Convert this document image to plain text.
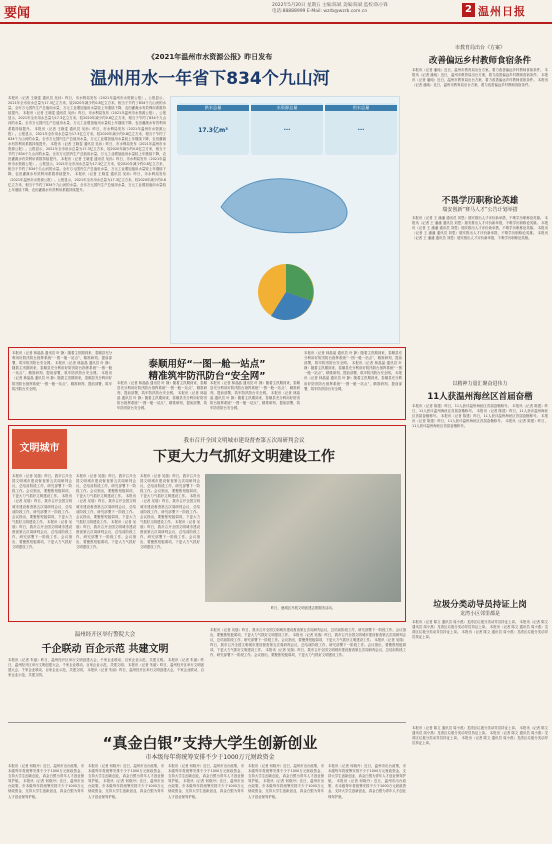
要闻
2022年5月20日 星期五 主编:陈斌 美编:陈斌 监校:陈小锋
电话:88888999 E-Mail: wzrb@wzrb.com.cn	2 温州日报
《2021年温州市水资源公报》昨日发布
温州用水一年省下834个九山河
本报讯（记者 王晓雯 通讯员 吴孙）昨日，市水利局发布《2021年温州市水资源公报》。公报显示，2021年全市用水总量为17.3亿立方米，较2020年减少约0.8亿立方米，相当于节约了834个九山河的水量。全市万元国内生产总值用水量、万元工业增加值用水量较上年继续下降，农田灌溉水有效利用系数持续提升。 本报讯（记者 王晓雯 通讯员 吴孙）昨日，市水利局发布《2021年温州市水资源公报》。公报显示，2021年全市用水总量为17.3亿立方米，较2020年减少约0.8亿立方米，相当于节约了834个九山河的水量。全市万元国内生产总值用水量、万元工业增加值用水量较上年继续下降，农田灌溉水有效利用系数持续提升。 本报讯（记者 王晓雯 通讯员 吴孙）昨日，市水利局发布《2021年温州市水资源公报》。公报显示，2021年全市用水总量为17.3亿立方米，较2020年减少约0.8亿立方米，相当于节约了834个九山河的水量。全市万元国内生产总值用水量、万元工业增加值用水量较上年继续下降，农田灌溉水有效利用系数持续提升。 本报讯（记者 王晓雯 通讯员 吴孙）昨日，市水利局发布《2021年温州市水资源公报》。公报显示，2021年全市用水总量为17.3亿立方米，较2020年减少约0.8亿立方米，相当于节约了834个九山河的水量。全市万元国内生产总值用水量、万元工业增加值用水量较上年继续下降，农田灌溉水有效利用系数持续提升。 本报讯（记者 王晓雯 通讯员 吴孙）昨日，市水利局发布《2021年温州市水资源公报》。公报显示，2021年全市用水总量为17.3亿立方米，较2020年减少约0.8亿立方米，相当于节约了834个九山河的水量。全市万元国内生产总值用水量、万元工业增加值用水量较上年继续下降，农田灌溉水有效利用系数持续提升。 本报讯（记者 王晓雯 通讯员 吴孙）昨日，市水利局发布《2021年温州市水资源公报》。公报显示，2021年全市用水总量为17.3亿立方米，较2020年减少约0.8亿立方米，相当于节约了834个九山河的水量。全市万元国内生产总值用水量、万元工业增加值用水量较上年继续下降，农田灌溉水有效利用系数持续提升。
供水总量
17.3亿m³
水资源总量
...
用水总量
...
本报讯（记者 林晶晶 通讯员 叶 静）随着主汛期到来，泰顺县充分利用好防汛防台指挥系统“一图一舱一站点”，精准研判、提前部署，筑牢防汛防台安全网。 本报讯（记者 林晶晶 通讯员 叶 静）随着主汛期到来，泰顺县充分利用好防汛防台指挥系统“一图一舱一站点”，精准研判、提前部署，筑牢防汛防台安全网。 本报讯（记者 林晶晶 通讯员 叶 静）随着主汛期到来，泰顺县充分利用好防汛防台指挥系统“一图一舱一站点”，精准研判、提前部署，筑牢防汛防台安全网。
泰顺用好“一图一舱一站点”
精准筑牢防汛防台“安全网”
本报讯（记者 林晶晶 通讯员 叶 静）随着主汛期到来，泰顺县充分利用好防汛防台指挥系统“一图一舱一站点”，精准研判、提前部署，筑牢防汛防台安全网。 本报讯（记者 林晶晶 通讯员 叶 静）随着主汛期到来，泰顺县充分利用好防汛防台指挥系统“一图一舱一站点”，精准研判、提前部署，筑牢防汛防台安全网。
本报讯（记者 林晶晶 通讯员 叶 静）随着主汛期到来，泰顺县充分利用好防汛防台指挥系统“一图一舱一站点”，精准研判、提前部署，筑牢防汛防台安全网。 本报讯（记者 林晶晶 通讯员 叶 静）随着主汛期到来，泰顺县充分利用好防汛防台指挥系统“一图一舱一站点”，精准研判、提前部署，筑牢防汛防台安全网。
本报讯（记者 林晶晶 通讯员 叶 静）随着主汛期到来，泰顺县充分利用好防汛防台指挥系统“一图一舱一站点”，精准研判、提前部署，筑牢防汛防台安全网。 本报讯（记者 林晶晶 通讯员 叶 静）随着主汛期到来，泰顺县充分利用好防汛防台指挥系统“一图一舱一站点”，精准研判、提前部署，筑牢防汛防台安全网。 本报讯（记者 林晶晶 通讯员 叶 静）随着主汛期到来，泰顺县充分利用好防汛防台指挥系统“一图一舱一站点”，精准研判、提前部署，筑牢防汛防台安全网。
文明城市
我市召开全国文明城市建设督查第五次周研判会议
下更大力气抓好文明建设工作
本报讯（记者 吴瑞）昨日，我市召开全国文明城市建设督查第五次周研判会议，总结前阶段工作，研究部署下一阶段工作。会议指出，要聚焦短板弱项，下更大力气抓好文明建设工作。 本报讯（记者 吴瑞）昨日，我市召开全国文明城市建设督查第五次周研判会议，总结前阶段工作，研究部署下一阶段工作。会议指出，要聚焦短板弱项，下更大力气抓好文明建设工作。 本报讯（记者 吴瑞）昨日，我市召开全国文明城市建设督查第五次周研判会议，总结前阶段工作，研究部署下一阶段工作。会议指出，要聚焦短板弱项，下更大力气抓好文明建设工作。
本报讯（记者 吴瑞）昨日，我市召开全国文明城市建设督查第五次周研判会议，总结前阶段工作，研究部署下一阶段工作。会议指出，要聚焦短板弱项，下更大力气抓好文明建设工作。 本报讯（记者 吴瑞）昨日，我市召开全国文明城市建设督查第五次周研判会议，总结前阶段工作，研究部署下一阶段工作。会议指出，要聚焦短板弱项，下更大力气抓好文明建设工作。 本报讯（记者 吴瑞）昨日，我市召开全国文明城市建设督查第五次周研判会议，总结前阶段工作，研究部署下一阶段工作。会议指出，要聚焦短板弱项，下更大力气抓好文明建设工作。
本报讯（记者 吴瑞）昨日，我市召开全国文明城市建设督查第五次周研判会议，总结前阶段工作，研究部署下一阶段工作。会议指出，要聚焦短板弱项，下更大力气抓好文明建设工作。 本报讯（记者 吴瑞）昨日，我市召开全国文明城市建设督查第五次周研判会议，总结前阶段工作，研究部署下一阶段工作。会议指出，要聚焦短板弱项，下更大力气抓好文明建设工作。 本报讯（记者 吴瑞）昨日，我市召开全国文明城市建设督查第五次周研判会议，总结前阶段工作，研究部署下一阶段工作。会议指出，要聚焦短板弱项，下更大力气抓好文明建设工作。
昨日，鹿城区开展文明创建志愿服务活动。
温州经开区举行警院大会
千企联动 百企示范 共建文明
本报讯（记者 朱丽）昨日，温州经开区举行文明创建大会，千家企业联动、百家企业示范，共建文明。 本报讯（记者 朱丽）昨日，温州经开区举行文明创建大会，千家企业联动、百家企业示范，共建文明。 本报讯（记者 朱丽）昨日，温州经开区举行文明创建大会，千家企业联动、百家企业示范，共建文明。 本报讯（记者 朱丽）昨日，温州经开区举行文明创建大会，千家企业联动、百家企业示范，共建文明。
本报讯（记者 吴瑞）昨日，我市召开全国文明城市建设督查第五次周研判会议，总结前阶段工作，研究部署下一阶段工作。会议指出，要聚焦短板弱项，下更大力气抓好文明建设工作。 本报讯（记者 吴瑞）昨日，我市召开全国文明城市建设督查第五次周研判会议，总结前阶段工作，研究部署下一阶段工作。会议指出，要聚焦短板弱项，下更大力气抓好文明建设工作。 本报讯（记者 吴瑞）昨日，我市召开全国文明城市建设督查第五次周研判会议，总结前阶段工作，研究部署下一阶段工作。会议指出，要聚焦短板弱项，下更大力气抓好文明建设工作。 本报讯（记者 吴瑞）昨日，我市召开全国文明城市建设督查第五次周研判会议，总结前阶段工作，研究部署下一阶段工作。会议指出，要聚焦短板弱项，下更大力气抓好文明建设工作。
市教育局出台《方案》
改善偏远乡村教师食宿条件
本报讯（记者 潘纯）近日，温州市教育局出台方案，着力改善偏远乡村教师食宿条件。 本报讯（记者 潘纯）近日，温州市教育局出台方案，着力改善偏远乡村教师食宿条件。 本报讯（记者 潘纯）近日，温州市教育局出台方案，着力改善偏远乡村教师食宿条件。 本报讯（记者 潘纯）近日，温州市教育局出台方案，着力改善偏远乡村教师食宿条件。
不畏学历职称论英雄
瑞安创新“赛马人才”公告计划举措
本报讯（记者 王 潘潘 通讯员 刘思）瑞安推出人才评价新举措，不唯学历职称论英雄。 本报讯（记者 王 潘潘 通讯员 刘思）瑞安推出人才评价新举措，不唯学历职称论英雄。 本报讯（记者 王 潘潘 通讯员 刘思）瑞安推出人才评价新举措，不唯学历职称论英雄。 本报讯（记者 王 潘潘 通讯员 刘思）瑞安推出人才评价新举措，不唯学历职称论英雄。 本报讯（记者 王 潘潘 通讯员 刘思）瑞安推出人才评价新举措，不唯学历职称论英雄。
以精神力量汇聚奋进伟力
11人获温州海丝区首届奋楷
本报讯（记者 陈建）昨日，11人获评温州海丝区首届奋楷称号。 本报讯（记者 陈建）昨日，11人获评温州海丝区首届奋楷称号。 本报讯（记者 陈建）昨日，11人获评温州海丝区首届奋楷称号。 本报讯（记者 陈建）昨日，11人获评温州海丝区首届奋楷称号。 本报讯（记者 陈建）昨日，11人获评温州海丝区首届奋楷称号。 本报讯（记者 陈建）昨日，11人获评温州海丝区首届奋楷称号。
垃圾分类动导员持证上岗
龙湾小区邻里都是
本报讯（记者 陈文 通讯员 周小燕）龙湾区垃圾分类动导员持证上岗。 本报讯（记者 陈文 通讯员 周小燕）龙湾区垃圾分类动导员持证上岗。 本报讯（记者 陈文 通讯员 周小燕）龙湾区垃圾分类动导员持证上岗。 本报讯（记者 陈文 通讯员 周小燕）龙湾区垃圾分类动导员持证上岗。
“真金白银”支持大学生创新创业
市本级每年将统筹安排不少于1000万元财政资金
本报讯（记者 何晓丹）近日，温州市出台政策，市本级每年将统筹安排不少于1000万元财政资金，支持大学生创新创业，真金白银为青年人才创业保驾护航。 本报讯（记者 何晓丹）近日，温州市出台政策，市本级每年将统筹安排不少于1000万元财政资金，支持大学生创新创业，真金白银为青年人才创业保驾护航。
本报讯（记者 何晓丹）近日，温州市出台政策，市本级每年将统筹安排不少于1000万元财政资金，支持大学生创新创业，真金白银为青年人才创业保驾护航。 本报讯（记者 何晓丹）近日，温州市出台政策，市本级每年将统筹安排不少于1000万元财政资金，支持大学生创新创业，真金白银为青年人才创业保驾护航。
本报讯（记者 何晓丹）近日，温州市出台政策，市本级每年将统筹安排不少于1000万元财政资金，支持大学生创新创业，真金白银为青年人才创业保驾护航。 本报讯（记者 何晓丹）近日，温州市出台政策，市本级每年将统筹安排不少于1000万元财政资金，支持大学生创新创业，真金白银为青年人才创业保驾护航。
本报讯（记者 何晓丹）近日，温州市出台政策，市本级每年将统筹安排不少于1000万元财政资金，支持大学生创新创业，真金白银为青年人才创业保驾护航。 本报讯（记者 何晓丹）近日，温州市出台政策，市本级每年将统筹安排不少于1000万元财政资金，支持大学生创新创业，真金白银为青年人才创业保驾护航。
本报讯（记者 何晓丹）近日，温州市出台政策，市本级每年将统筹安排不少于1000万元财政资金，支持大学生创新创业，真金白银为青年人才创业保驾护航。 本报讯（记者 何晓丹）近日，温州市出台政策，市本级每年将统筹安排不少于1000万元财政资金，支持大学生创新创业，真金白银为青年人才创业保驾护航。
本报讯（记者 陈文 通讯员 周小燕）龙湾区垃圾分类动导员持证上岗。 本报讯（记者 陈文 通讯员 周小燕）龙湾区垃圾分类动导员持证上岗。 本报讯（记者 陈文 通讯员 周小燕）龙湾区垃圾分类动导员持证上岗。 本报讯（记者 陈文 通讯员 周小燕）龙湾区垃圾分类动导员持证上岗。
